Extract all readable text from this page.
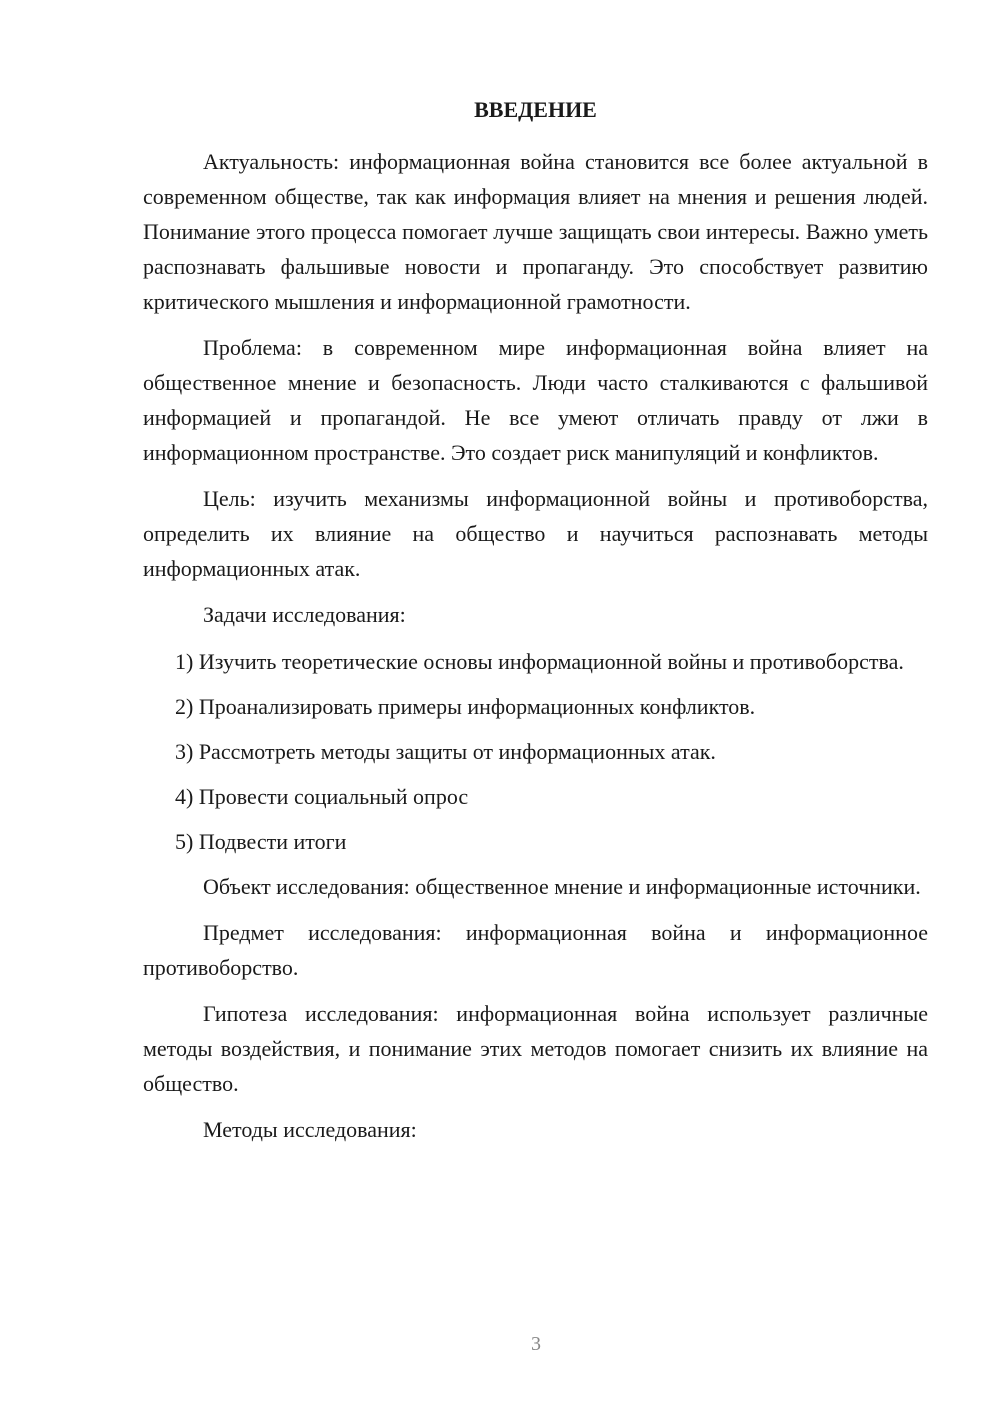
ВВЕДЕНИЕ

Актуальность: информационная война становится все более актуальной в современном обществе, так как информация влияет на мнения и решения людей. Понимание этого процесса помогает лучше защищать свои интересы. Важно уметь распознавать фальшивые новости и пропаганду. Это способствует развитию критического мышления и информационной грамотности.

Проблема: в современном мире информационная война влияет на общественное мнение и безопасность. Люди часто сталкиваются с фальшивой информацией и пропагандой. Не все умеют отличать правду от лжи в информационном пространстве. Это создает риск манипуляций и конфликтов.

Цель: изучить механизмы информационной войны и противоборства, определить их влияние на общество и научиться распознавать методы информационных атак.

Задачи исследования:

1) Изучить теоретические основы информационной войны и противоборства.
2) Проанализировать примеры информационных конфликтов.
3) Рассмотреть методы защиты от информационных атак.
4) Провести социальный опрос
5) Подвести итоги

Объект исследования: общественное мнение и информационные источники.

Предмет исследования: информационная война и информационное противоборство.

Гипотеза исследования: информационная война использует различные методы воздействия, и понимание этих методов помогает снизить их влияние на общество.

Методы исследования:

3
